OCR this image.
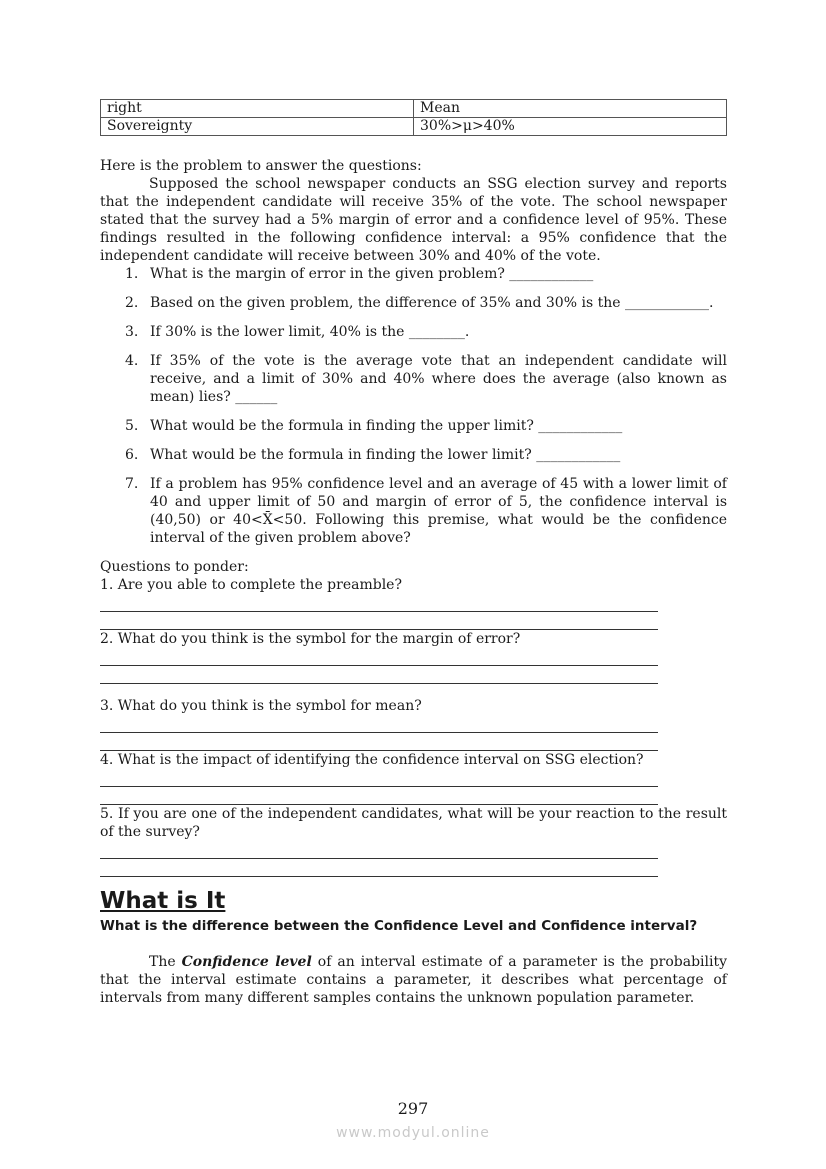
right	Mean
Sovereignty	30%>μ>40%

Here is the problem to answer the questions:

Supposed the school newspaper conducts an SSG election survey and reports that the independent candidate will receive 35% of the vote. The school newspaper stated that the survey had a 5% margin of error and a confidence level of 95%. These findings resulted in the following confidence interval: a 95% confidence that the independent candidate will receive between 30% and 40% of the vote.

1. What is the margin of error in the given problem? ____________
2. Based on the given problem, the difference of 35% and 30% is the ____________.
3. If 30% is the lower limit, 40% is the ________.
4. If 35% of the vote is the average vote that an independent candidate will receive, and a limit of 30% and 40% where does the average (also known as mean) lies? ______
5. What would be the formula in finding the upper limit? ____________
6. What would be the formula in finding the lower limit? ____________
7. If a problem has 95% confidence level and an average of 45 with a lower limit of 40 and upper limit of 50 and margin of error of 5, the confidence interval is (40,50) or 40<X̄<50. Following this premise, what would be the confidence interval of the given problem above?

Questions to ponder:

1. Are you able to complete the preamble?

2. What do you think is the symbol for the margin of error?

3. What do you think is the symbol for mean?

4. What is the impact of identifying the confidence interval on SSG election?

5. If you are one of the independent candidates, what will be your reaction to the result of the survey?

What is It

What is the difference between the Confidence Level and Confidence interval?

The Confidence level of an interval estimate of a parameter is the probability that the interval estimate contains a parameter, it describes what percentage of intervals from many different samples contains the unknown population parameter.

297
www.modyul.online
